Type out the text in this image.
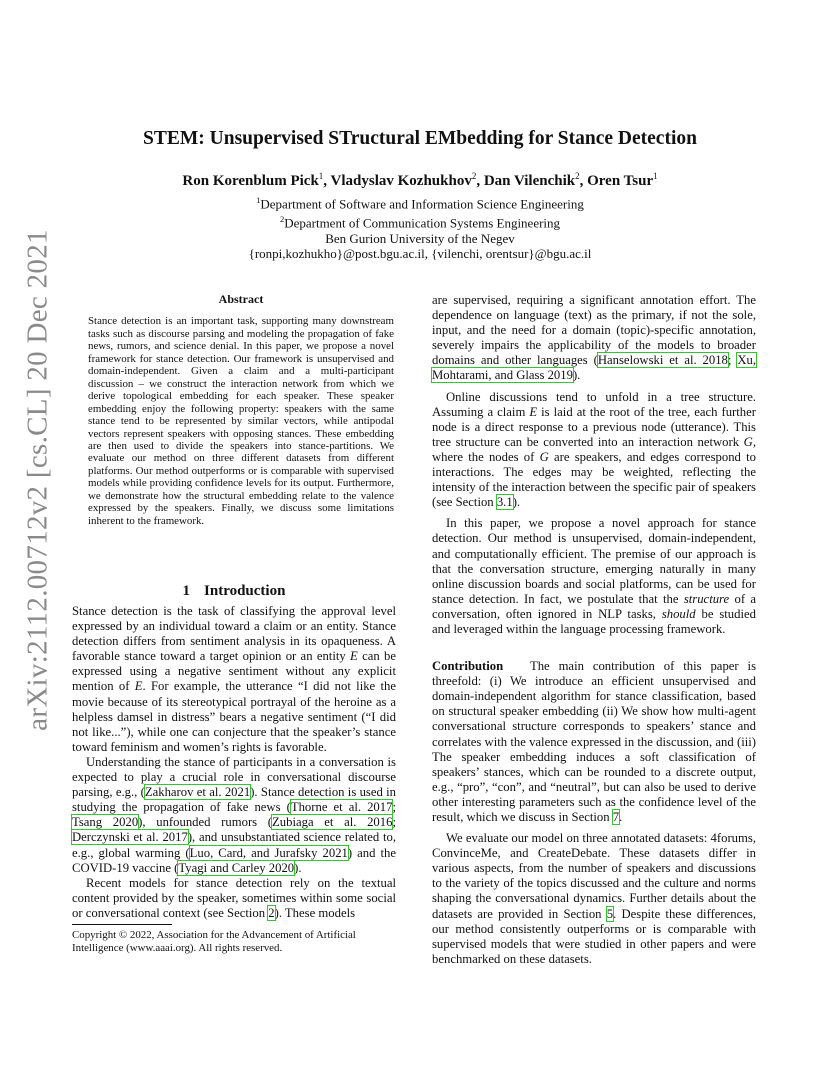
arXiv:2112.00712v2 [cs.CL] 20 Dec 2021
STEM: Unsupervised STructural EMbedding for Stance Detection
Ron Korenblum Pick$^1$, Vladyslav Kozhukhov$^2$, Dan Vilenchik$^2$, Oren Tsur$^1$
$^1$Department of Software and Information Science Engineering
$^2$Department of Communication Systems Engineering
Ben Gurion University of the Negev
{ronpi,kozhukho}@post.bgu.ac.il, {vilenchi, orentsur}@bgu.ac.il
Abstract

Stance detection is an important task, supporting many downstream tasks such as discourse parsing and modeling the propagation of fake news, rumors, and science denial. In this paper, we propose a novel framework for stance detection. Our framework is unsupervised and domain-independent. Given a claim and a multi-participant discussion – we construct the interaction network from which we derive topological embedding for each speaker. These speaker embedding enjoy the following property: speakers with the same stance tend to be represented by similar vectors, while antipodal vectors represent speakers with opposing stances. These embedding are then used to divide the speakers into stance-partitions. We evaluate our method on three different datasets from different platforms. Our method outperforms or is comparable with supervised models while providing confidence levels for its output. Furthermore, we demonstrate how the structural embedding relate to the valence expressed by the speakers. Finally, we discuss some limitations inherent to the framework.

1 Introduction

Stance detection is the task of classifying the approval level expressed by an individual toward a claim or an entity. Stance detection differs from sentiment analysis in its opaqueness. A favorable stance toward a target opinion or an entity E can be expressed using a negative sentiment without any explicit mention of E. For example, the utterance “I did not like the movie because of its stereotypical portrayal of the heroine as a helpless damsel in distress” bears a negative sentiment (“I did not like...”), while one can conjecture that the speaker’s stance toward feminism and women’s rights is favorable.

Understanding the stance of participants in a conversation is expected to play a crucial role in conversational discourse parsing, e.g., (Zakharov et al. 2021). Stance detection is used in studying the propagation of fake news (Thorne et al. 2017; Tsang 2020), unfounded rumors (Zubiaga et al. 2016; Derczynski et al. 2017), and unsubstantiated science related to, e.g., global warming (Luo, Card, and Jurafsky 2021) and the COVID-19 vaccine (Tyagi and Carley 2020).

Recent models for stance detection rely on the textual content provided by the speaker, sometimes within some social or conversational context (see Section 2). These models

Copyright © 2022, Association for the Advancement of Artificial Intelligence (www.aaai.org). All rights reserved.

are supervised, requiring a significant annotation effort. The dependence on language (text) as the primary, if not the sole, input, and the need for a domain (topic)-specific annotation, severely impairs the applicability of the models to broader domains and other languages (Hanselowski et al. 2018; Xu, Mohtarami, and Glass 2019).

Online discussions tend to unfold in a tree structure. Assuming a claim E is laid at the root of the tree, each further node is a direct response to a previous node (utterance). This tree structure can be converted into an interaction network G, where the nodes of G are speakers, and edges correspond to interactions. The edges may be weighted, reflecting the intensity of the interaction between the specific pair of speakers (see Section 3.1).

In this paper, we propose a novel approach for stance detection. Our method is unsupervised, domain-independent, and computationally efficient. The premise of our approach is that the conversation structure, emerging naturally in many online discussion boards and social platforms, can be used for stance detection. In fact, we postulate that the structure of a conversation, often ignored in NLP tasks, should be studied and leveraged within the language processing framework.

Contribution The main contribution of this paper is threefold: (i) We introduce an efficient unsupervised and domain-independent algorithm for stance classification, based on structural speaker embedding (ii) We show how multi-agent conversational structure corresponds to speakers’ stance and correlates with the valence expressed in the discussion, and (iii) The speaker embedding induces a soft classification of speakers’ stances, which can be rounded to a discrete output, e.g., “pro”, “con”, and “neutral”, but can also be used to derive other interesting parameters such as the confidence level of the result, which we discuss in Section 7.

We evaluate our model on three annotated datasets: 4forums, ConvinceMe, and CreateDebate. These datasets differ in various aspects, from the number of speakers and discussions to the variety of the topics discussed and the culture and norms shaping the conversational dynamics. Further details about the datasets are provided in Section 5. Despite these differences, our method consistently outperforms or is comparable with supervised models that were studied in other papers and were benchmarked on these datasets.
